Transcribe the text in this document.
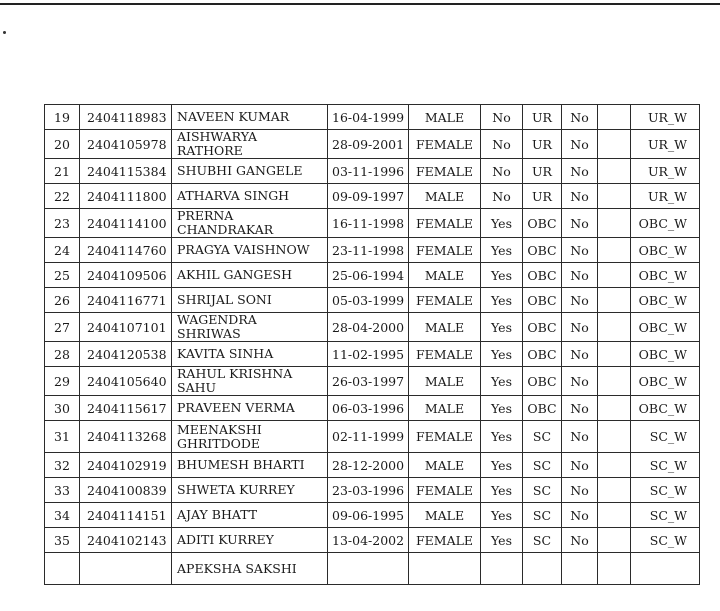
19	2404118983	NAVEEN KUMAR	16-04-1999	MALE	No	UR	No		UR_W
20	2404105978	AISHWARYA RATHORE	28-09-2001	FEMALE	No	UR	No		UR_W
21	2404115384	SHUBHI GANGELE	03-11-1996	FEMALE	No	UR	No		UR_W
22	2404111800	ATHARVA SINGH	09-09-1997	MALE	No	UR	No		UR_W
23	2404114100	PRERNA CHANDRAKAR	16-11-1998	FEMALE	Yes	OBC	No		OBC_W
24	2404114760	PRAGYA VAISHNOW	23-11-1998	FEMALE	Yes	OBC	No		OBC_W
25	2404109506	AKHIL GANGESH	25-06-1994	MALE	Yes	OBC	No		OBC_W
26	2404116771	SHRIJAL SONI	05-03-1999	FEMALE	Yes	OBC	No		OBC_W
27	2404107101	WAGENDRA SHRIWAS	28-04-2000	MALE	Yes	OBC	No		OBC_W
28	2404120538	KAVITA SINHA	11-02-1995	FEMALE	Yes	OBC	No		OBC_W
29	2404105640	RAHUL KRISHNA SAHU	26-03-1997	MALE	Yes	OBC	No		OBC_W
30	2404115617	PRAVEEN VERMA	06-03-1996	MALE	Yes	OBC	No		OBC_W
31	2404113268	MEENAKSHI GHRITDODE	02-11-1999	FEMALE	Yes	SC	No		SC_W
32	2404102919	BHUMESH BHARTI	28-12-2000	MALE	Yes	SC	No		SC_W
33	2404100839	SHWETA KURREY	23-03-1996	FEMALE	Yes	SC	No		SC_W
34	2404114151	AJAY BHATT	09-06-1995	MALE	Yes	SC	No		SC_W
35	2404102143	ADITI KURREY	13-04-2002	FEMALE	Yes	SC	No		SC_W

		APEKSHA SAKSHI							
